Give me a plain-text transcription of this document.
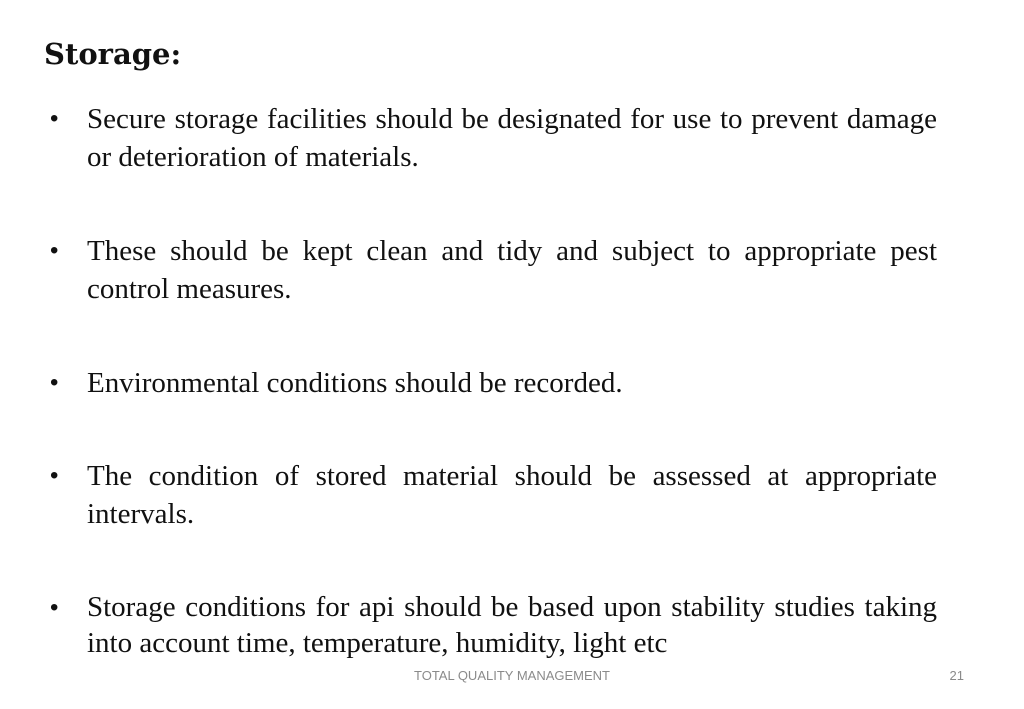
Storage:
• Secure storage facilities should be designated for use to prevent damage or deterioration of materials.

• These should be kept clean and tidy and subject to appropriate pest control measures.

• Environmental conditions should be recorded.

• The condition of stored material should be assessed at appropriate intervals.

• Storage conditions for api should be based upon stability studies taking into account time, temperature, humidity, light etc

TOTAL QUALITY MANAGEMENT	21
